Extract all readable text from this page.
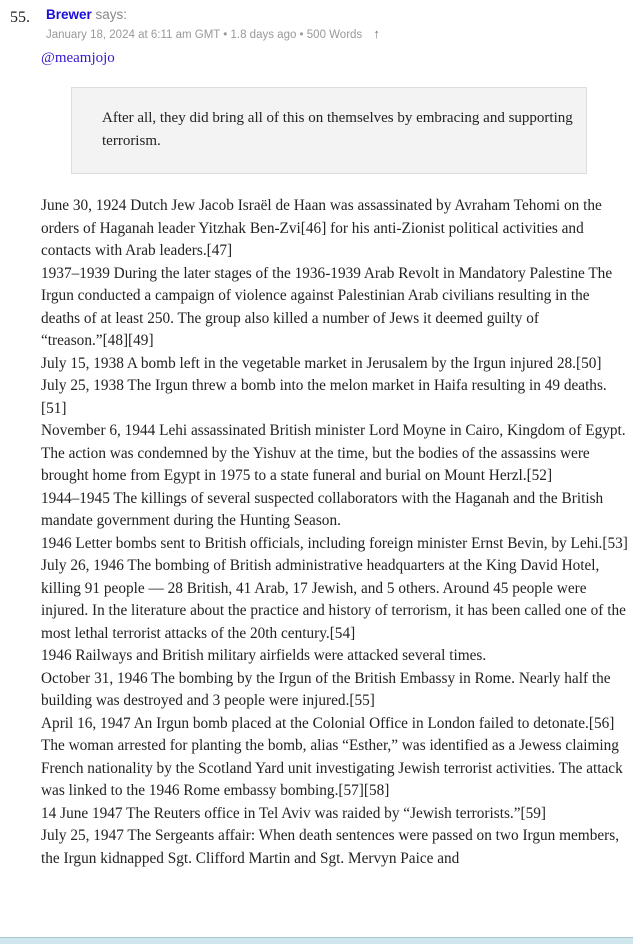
55. Brewer says:
January 18, 2024 at 6:11 am GMT • 1.8 days ago • 500 Words ↑
@meamjojo
After all, they did bring all of this on themselves by embracing and supporting terrorism.

June 30, 1924 Dutch Jew Jacob Israël de Haan was assassinated by Avraham Tehomi on the orders of Haganah leader Yitzhak Ben-Zvi[46] for his anti-Zionist political activities and contacts with Arab leaders.[47]

1937–1939 During the later stages of the 1936-1939 Arab Revolt in Mandatory Palestine The Irgun conducted a campaign of violence against Palestinian Arab civilians resulting in the deaths of at least 250. The group also killed a number of Jews it deemed guilty of “treason.”[48][49]

July 15, 1938 A bomb left in the vegetable market in Jerusalem by the Irgun injured 28.[50]

July 25, 1938 The Irgun threw a bomb into the melon market in Haifa resulting in 49 deaths.[51]

November 6, 1944 Lehi assassinated British minister Lord Moyne in Cairo, Kingdom of Egypt. The action was condemned by the Yishuv at the time, but the bodies of the assassins were brought home from Egypt in 1975 to a state funeral and burial on Mount Herzl.[52]

1944–1945 The killings of several suspected collaborators with the Haganah and the British mandate government during the Hunting Season.

1946 Letter bombs sent to British officials, including foreign minister Ernst Bevin, by Lehi.[53]

July 26, 1946 The bombing of British administrative headquarters at the King David Hotel, killing 91 people — 28 British, 41 Arab, 17 Jewish, and 5 others. Around 45 people were injured. In the literature about the practice and history of terrorism, it has been called one of the most lethal terrorist attacks of the 20th century.[54]

1946 Railways and British military airfields were attacked several times.

October 31, 1946 The bombing by the Irgun of the British Embassy in Rome. Nearly half the building was destroyed and 3 people were injured.[55]

April 16, 1947 An Irgun bomb placed at the Colonial Office in London failed to detonate.[56] The woman arrested for planting the bomb, alias “Esther,” was identified as a Jewess claiming French nationality by the Scotland Yard unit investigating Jewish terrorist activities. The attack was linked to the 1946 Rome embassy bombing.[57][58]

14 June 1947 The Reuters office in Tel Aviv was raided by “Jewish terrorists.”[59]

July 25, 1947 The Sergeants affair: When death sentences were passed on two Irgun members, the Irgun kidnapped Sgt. Clifford Martin and Sgt. Mervyn Paice and
